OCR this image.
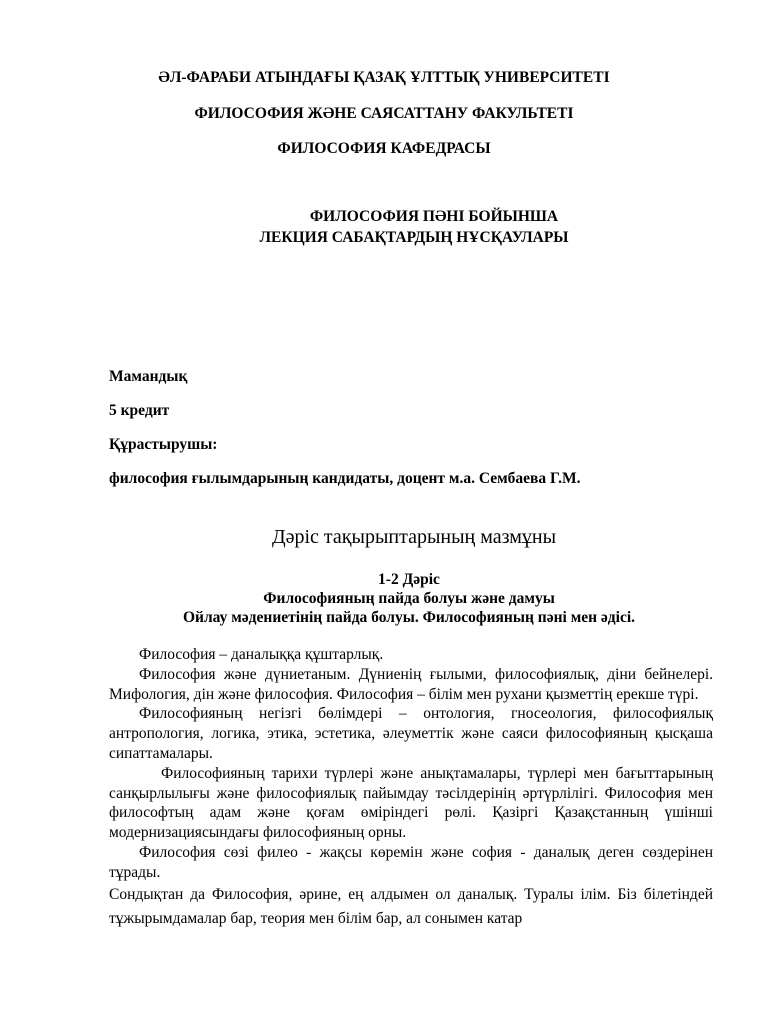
ӘЛ-ФАРАБИ АТЫНДАҒЫ ҚАЗАҚ ҰЛТТЫҚ УНИВЕРСИТЕТІ
ФИЛОСОФИЯ ЖӘНЕ САЯСАТТАНУ ФАКУЛЬТЕТІ
ФИЛОСОФИЯ КАФЕДРАСЫ
ФИЛОСОФИЯ ПӘНІ БОЙЫНША
ЛЕКЦИЯ САБАҚТАРДЫҢ НҰСҚАУЛАРЫ
Мамандық
5 кредит
Құрастырушы:
философия ғылымдарының кандидаты, доцент м.а. Сембаева Г.М.
Дәріс тақырыптарының мазмұны
1-2 Дәріс
Философияның пайда болуы және дамуы
Ойлау мәдениетінің пайда болуы. Философияның пәні мен әдісі.

Философия – даналыққа құштарлық.

Философия және дүниетаным. Дүниенің ғылыми, философиялық, діни бейнелері. Мифология, дін және философия. Философия – білім мен рухани қызметтің ерекше түрі.

Философияның негізгі бөлімдері – онтология, гносеология, философиялық антропология, логика, этика, эстетика, әлеуметтік және саяси философияның қысқаша сипаттамалары.

Философияның тарихи түрлері және анықтамалары, түрлері мен бағыттарының санқырлылығы және философиялық пайымдау тәсілдерінің әртүрлілігі. Философия мен философтың адам және қоғам өміріндегі рөлі. Қазіргі Қазақстанның үшінші модернизациясындағы философияның орны.

Философия сөзі филео - жақсы көремін және софия - даналық деген сөздерінен тұрады.

Сондықтан да Философия, әрине, ең алдымен ол даналық. Туралы ілім. Біз білетіндей тұжырымдамалар бар, теория мен білім бар, ал сонымен катар
